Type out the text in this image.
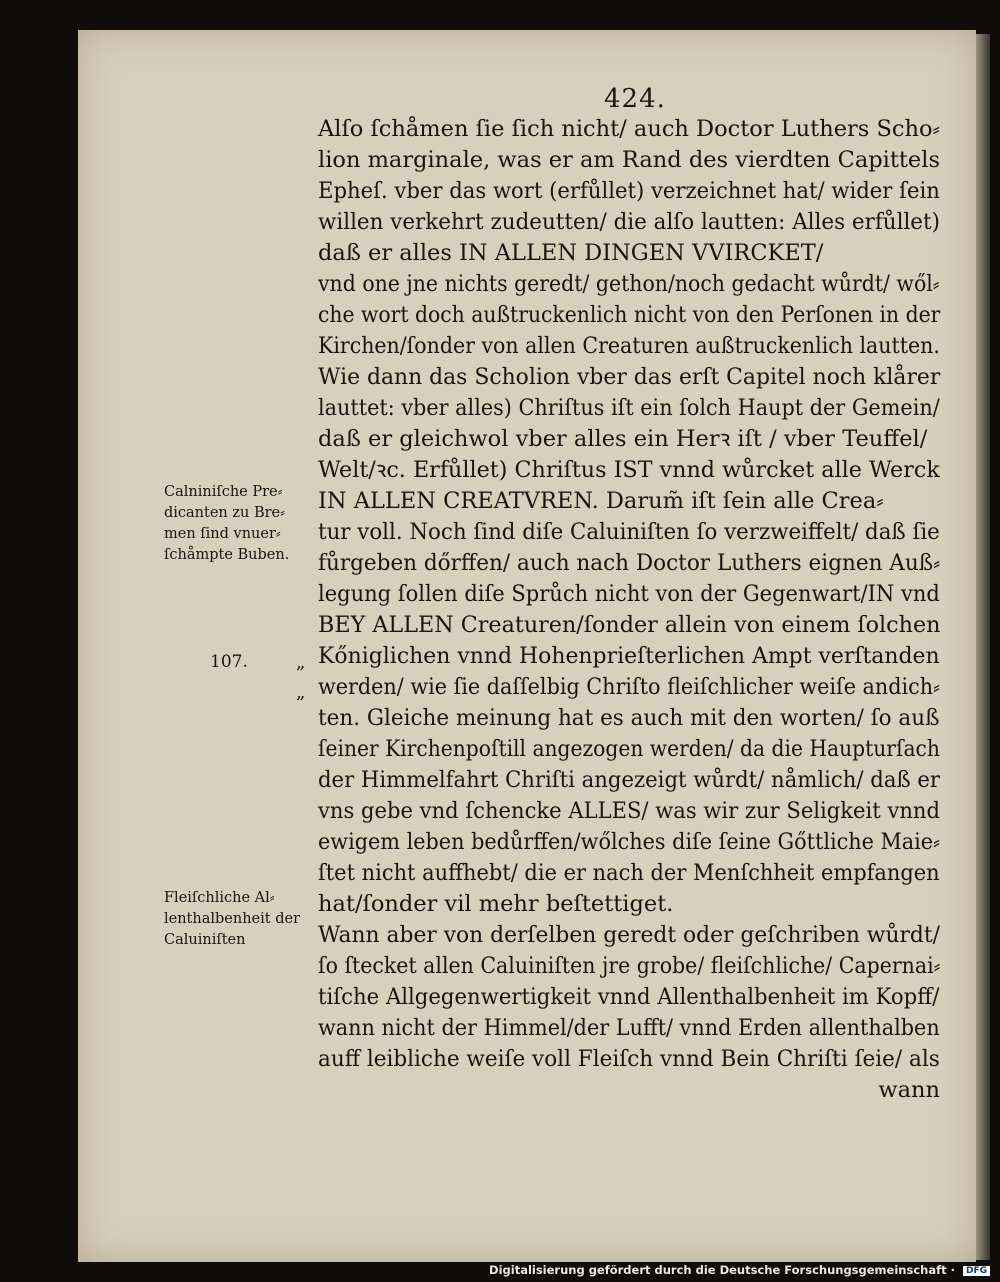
424.
Alſo ſchåmen ſie ſich nicht/ auch Doctor Luthers Scho⸗
lion marginale, was er am Rand des vierdten Capittels
Epheſ. vber das wort (erfůllet) verzeichnet hat/ wider ſein
willen verkehrt zudeutten/ die alſo lautten: Alles erfůllet)
daß er alles IN ALLEN DINGEN VVIRCKET/
vnd one jne nichts geredt/ gethon/noch gedacht wůrdt/ wől⸗
che wort doch außtruckenlich nicht von den Perſonen in der
Kirchen/ſonder von allen Creaturen außtruckenlich lautten.
Wie dann das Scholion vber das erſt Capitel noch klårer
lauttet: vber alles) Chriſtus iſt ein ſolch Haupt der Gemein/
daß er gleichwol vber alles ein Herꝛ iſt / vber Teuffel/
Welt/ꝛc. Erfůllet) Chriſtus IST vnnd wůrcket alle Werck
IN ALLEN CREATVREN. Darum̃ iſt ſein alle Crea⸗
tur voll. Noch ſind diſe Caluiniſten ſo verzweiffelt/ daß ſie
fůrgeben dőrffen/ auch nach Doctor Luthers eignen Auß⸗
legung ſollen diſe Sprůch nicht von der Gegenwart/IN vnd
BEY ALLEN Creaturen/ſonder allein von einem ſolchen
Kőniglichen vnnd Hohenprieſterlichen Ampt verſtanden
werden/ wie ſie daſſelbig Chriſto fleiſchlicher weiſe andich⸗
ten. Gleiche meinung hat es auch mit den worten/ ſo auß
ſeiner Kirchenpoſtill angezogen werden/ da die Haupturſach
der Himmelfahrt Chriſti angezeigt wůrdt/ nåmlich/ daß er
vns gebe vnd ſchencke ALLES/ was wir zur Seligkeit vnnd
ewigem leben bedůrffen/wőlches diſe ſeine Gőttliche Maie⸗
ſtet nicht auffhebt/ die er nach der Menſchheit empfangen
hat/ſonder vil mehr beſtettiget.
Wann aber von derſelben geredt oder geſchriben wůrdt/
ſo ſtecket allen Caluiniſten jre grobe/ fleiſchliche/ Capernai⸗
tiſche Allgegenwertigkeit vnnd Allenthalbenheit im Kopff/
wann nicht der Himmel/der Lufft/ vnnd Erden allenthalben
auff leibliche weiſe voll Fleiſch vnnd Bein Chriſti ſeie/ als
wann
Calniniſche Pre⸗
dicanten zu Bre⸗
men ſind vnuer⸗
ſchåmpte Buben.
107.	„
„
Fleiſchliche Al⸗
lenthalbenheit der
Caluiniſten
Digitalisierung gefördert durch die Deutsche Forschungsgemeinschaft · DFG
